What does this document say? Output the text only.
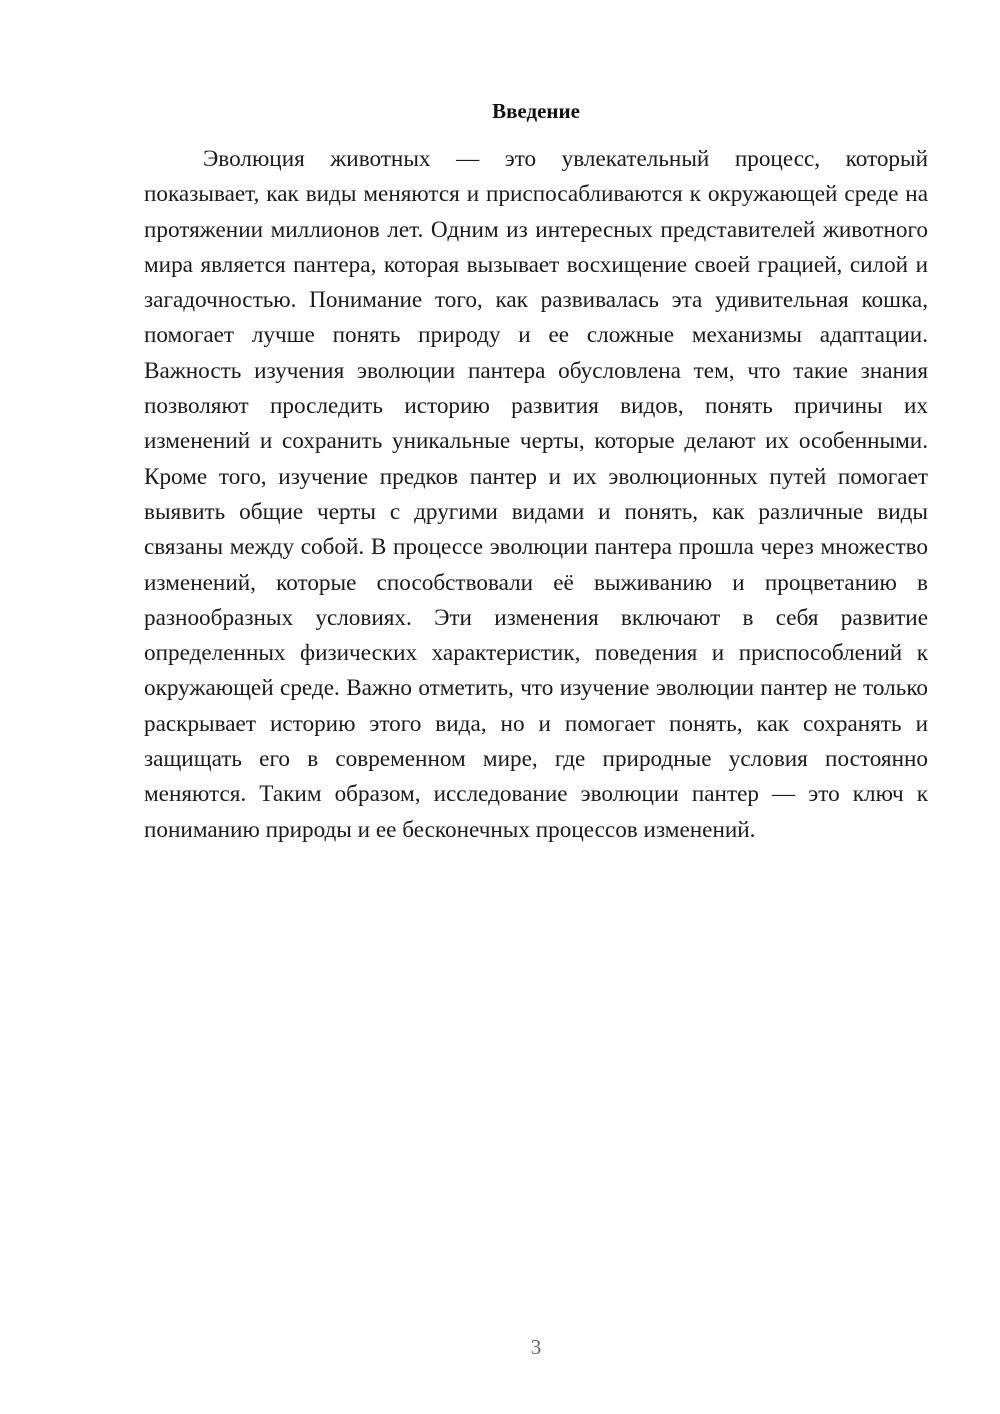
Введение

Эволюция животных — это увлекательный процесс, который показывает, как виды меняются и приспосабливаются к окружающей среде на протяжении миллионов лет. Одним из интересных представителей животного мира является пантера, которая вызывает восхищение своей грацией, силой и загадочностью. Понимание того, как развивалась эта удивительная кошка, помогает лучше понять природу и ее сложные механизмы адаптации. Важность изучения эволюции пантера обусловлена тем, что такие знания позволяют проследить историю развития видов, понять причины их изменений и сохранить уникальные черты, которые делают их особенными. Кроме того, изучение предков пантер и их эволюционных путей помогает выявить общие черты с другими видами и понять, как различные виды связаны между собой. В процессе эволюции пантера прошла через множество изменений, которые способствовали её выживанию и процветанию в разнообразных условиях. Эти изменения включают в себя развитие определенных физических характеристик, поведения и приспособлений к окружающей среде. Важно отметить, что изучение эволюции пантер не только раскрывает историю этого вида, но и помогает понять, как сохранять и защищать его в современном мире, где природные условия постоянно меняются. Таким образом, исследование эволюции пантер — это ключ к пониманию природы и ее бесконечных процессов изменений.

3
